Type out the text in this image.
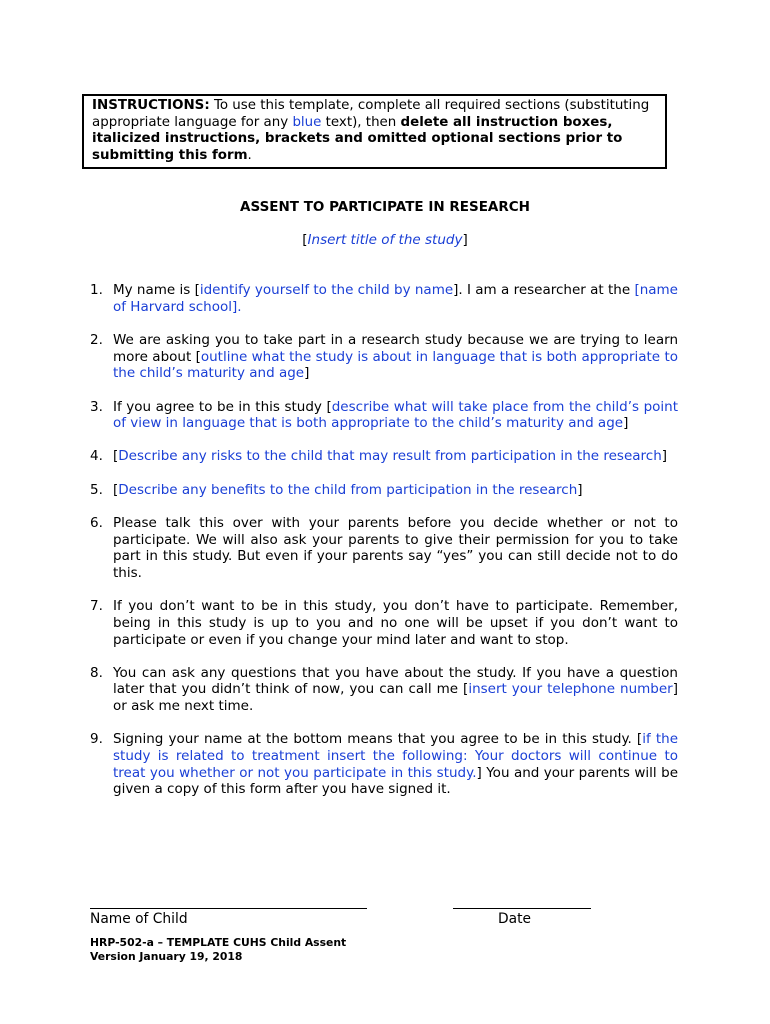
INSTRUCTIONS: To use this template, complete all required sections (substituting appropriate language for any blue text), then delete all instruction boxes, italicized instructions, brackets and omitted optional sections prior to submitting this form.
ASSENT TO PARTICIPATE IN RESEARCH
[Insert title of the study]
1. My name is [identify yourself to the child by name]. I am a researcher at the [name of Harvard school].
2. We are asking you to take part in a research study because we are trying to learn more about [outline what the study is about in language that is both appropriate to the child’s maturity and age]
3. If you agree to be in this study [describe what will take place from the child’s point of view in language that is both appropriate to the child’s maturity and age]
4. [Describe any risks to the child that may result from participation in the research]
5. [Describe any benefits to the child from participation in the research]
6. Please talk this over with your parents before you decide whether or not to participate. We will also ask your parents to give their permission for you to take part in this study. But even if your parents say “yes” you can still decide not to do this.
7. If you don’t want to be in this study, you don’t have to participate. Remember, being in this study is up to you and no one will be upset if you don’t want to participate or even if you change your mind later and want to stop.
8. You can ask any questions that you have about the study. If you have a question later that you didn’t think of now, you can call me [insert your telephone number] or ask me next time.
9. Signing your name at the bottom means that you agree to be in this study. [if the study is related to treatment insert the following: Your doctors will continue to treat you whether or not you participate in this study.] You and your parents will be given a copy of this form after you have signed it.
Name of Child	Date
HRP-502-a – TEMPLATE CUHS Child Assent
Version January 19, 2018
